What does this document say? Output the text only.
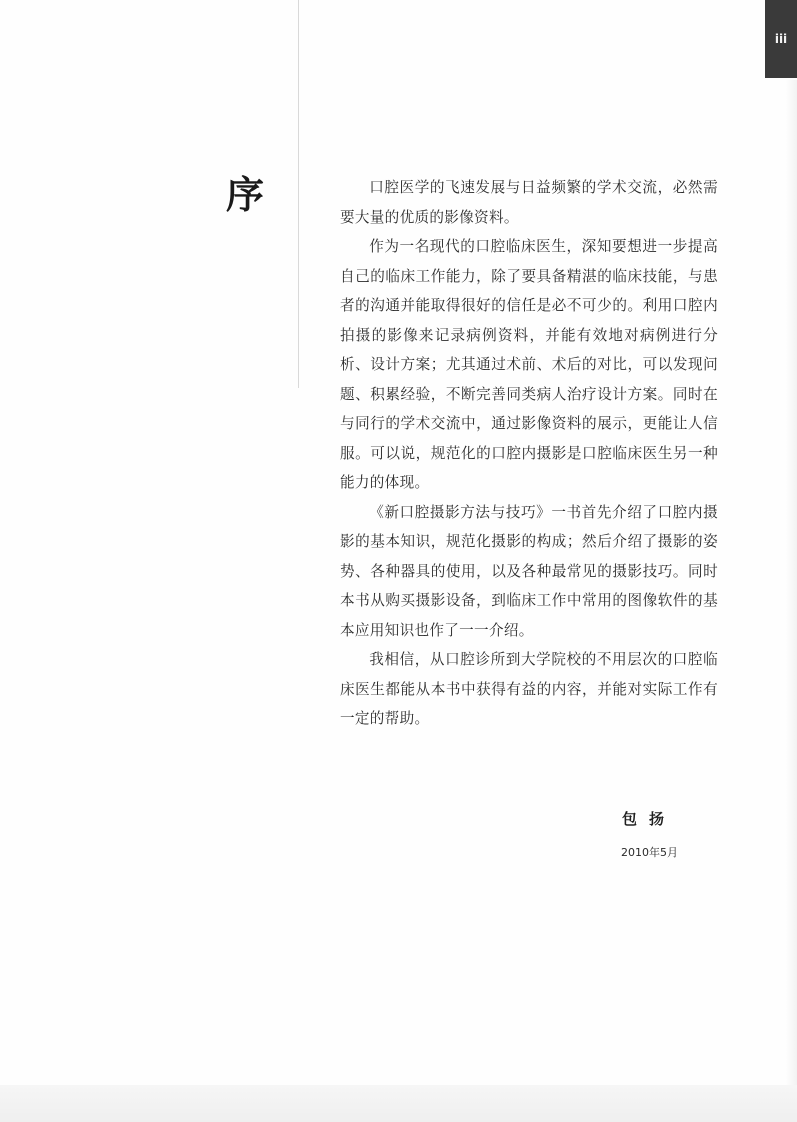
iii
序	口腔医学的飞速发展与日益频繁的学术交流，必然需要大量的优质的影像资料。

作为一名现代的口腔临床医生，深知要想进一步提高自己的临床工作能力，除了要具备精湛的临床技能，与患者的沟通并能取得很好的信任是必不可少的。利用口腔内拍摄的影像来记录病例资料，并能有效地对病例进行分析、设计方案；尤其通过术前、术后的对比，可以发现问题、积累经验，不断完善同类病人治疗设计方案。同时在与同行的学术交流中，通过影像资料的展示，更能让人信服。可以说，规范化的口腔内摄影是口腔临床医生另一种能力的体现。

《新口腔摄影方法与技巧》一书首先介绍了口腔内摄影的基本知识，规范化摄影的构成；然后介绍了摄影的姿势、各种器具的使用，以及各种最常见的摄影技巧。同时本书从购买摄影设备，到临床工作中常用的图像软件的基本应用知识也作了一一介绍。

我相信，从口腔诊所到大学院校的不用层次的口腔临床医生都能从本书中获得有益的内容，并能对实际工作有一定的帮助。

包扬
2010年5月
